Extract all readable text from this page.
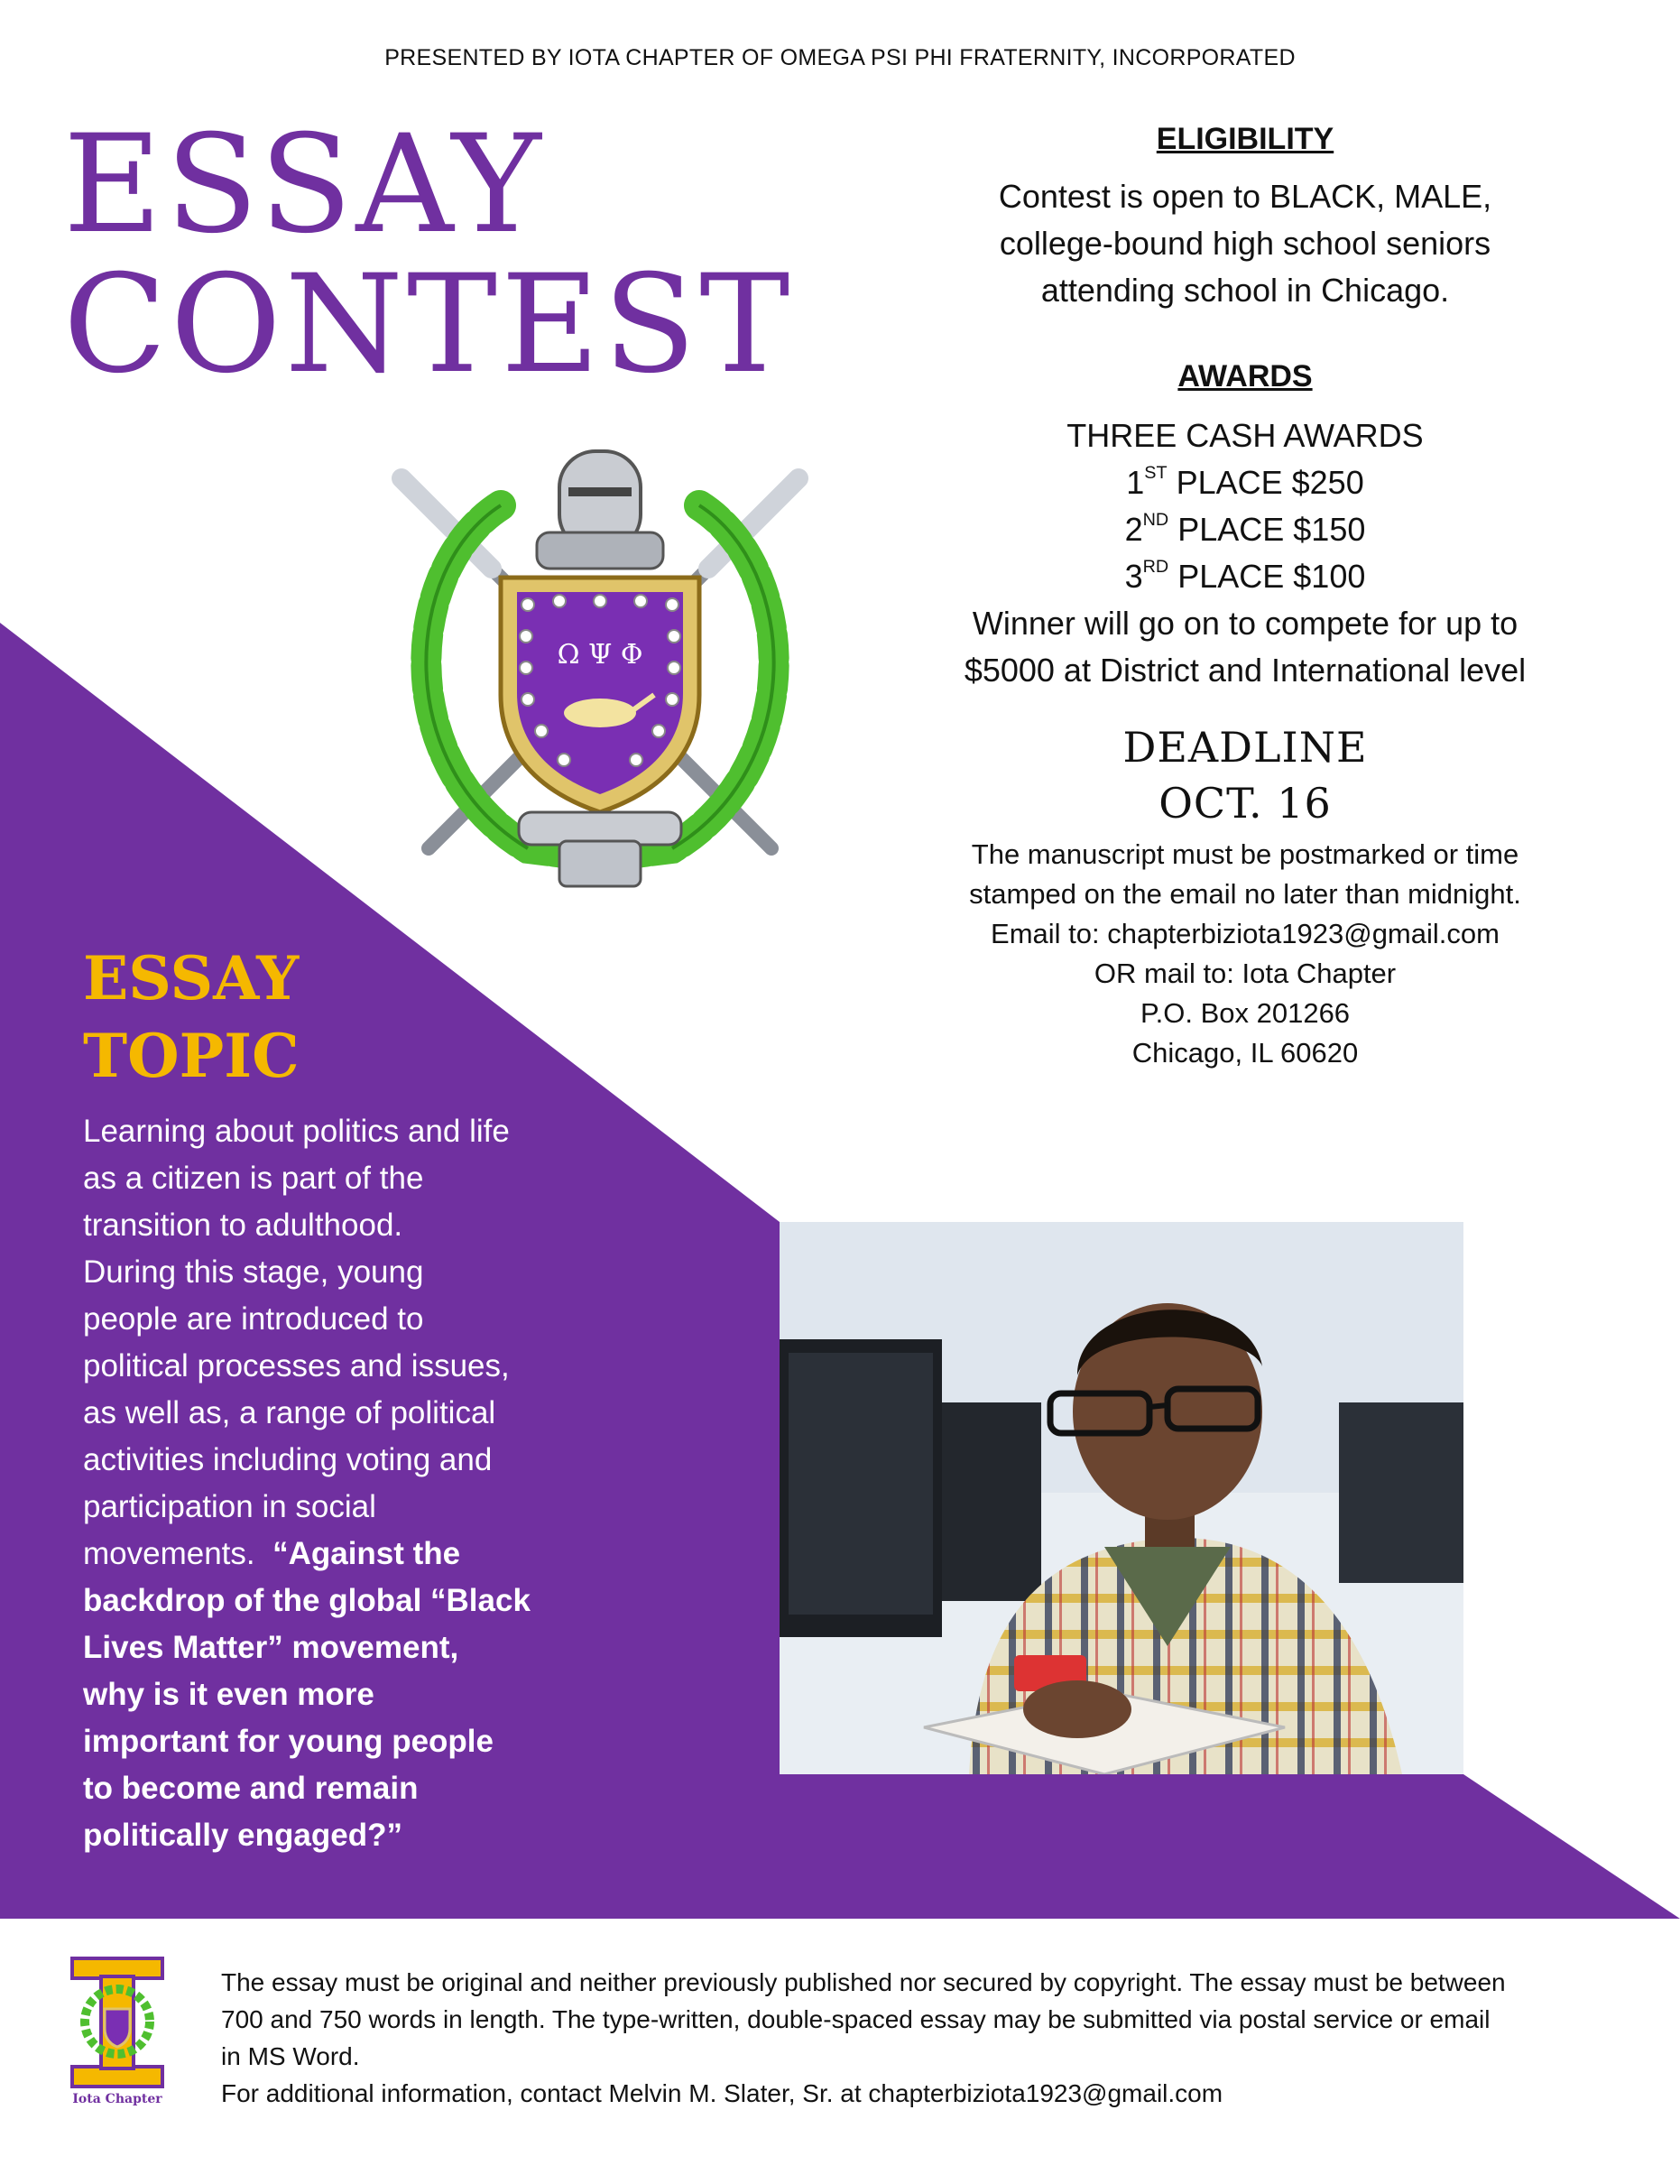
PRESENTED BY IOTA CHAPTER OF OMEGA PSI PHI FRATERNITY, INCORPORATED
ESSAY
CONTEST
Ω Ψ Φ
ELIGIBILITY
Contest is open to BLACK, MALE,
college-bound high school seniors
attending school in Chicago.
AWARDS
THREE CASH AWARDS
1ST PLACE $250
2ND PLACE $150
3RD PLACE $100
Winner will go on to compete for up to
$5000 at District and International level
DEADLINE
OCT. 16
The manuscript must be postmarked or time
stamped on the email no later than midnight.
Email to: chapterbiziota1923@gmail.com
OR mail to: Iota Chapter
P.O. Box 201266
Chicago, IL 60620
ESSAY
TOPIC
Learning about politics and life
as a citizen is part of the
transition to adulthood.
During this stage, young
people are introduced to
political processes and issues,
as well as, a range of political
activities including voting and
participation in social
movements.  “Against the
backdrop of the global “Black
Lives Matter” movement,
why is it even more
important for young people
to become and remain
politically engaged?”
Iota Chapter
The essay must be original and neither previously published nor secured by copyright. The essay must be between
700 and 750 words in length. The type-written, double-spaced essay may be submitted via postal service or email
in MS Word.
For additional information, contact Melvin M. Slater, Sr. at chapterbiziota1923@gmail.com
